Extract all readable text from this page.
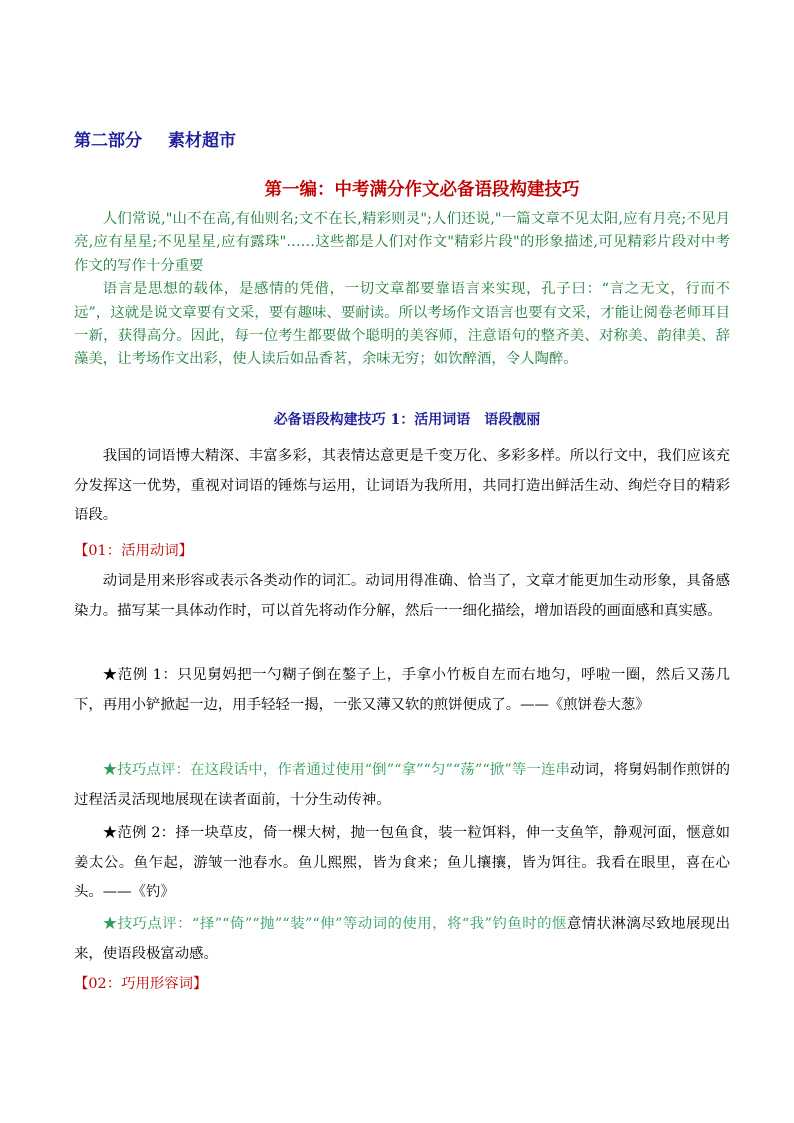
第二部分 素材超市
第一编：中考满分作文必备语段构建技巧

人们常说,"山不在高,有仙则名;文不在长,精彩则灵";人们还说,"一篇文章不见太阳,应有月亮;不见月亮,应有星星;不见星星,应有露珠"……这些都是人们对作文"精彩片段"的形象描述,可见精彩片段对中考作文的写作十分重要

语言是思想的载体，是感情的凭借，一切文章都要靠语言来实现，孔子曰：“言之无文，行而不远”，这就是说文章要有文采，要有趣味、要耐读。所以考场作文语言也要有文采，才能让阅卷老师耳目一新，获得高分。因此，每一位考生都要做个聪明的美容师，注意语句的整齐美、对称美、韵律美、辞藻美，让考场作文出彩，使人读后如品香茗，余味无穷；如饮醉酒，令人陶醉。

必备语段构建技巧 1：活用词语　语段靓丽
我国的词语博大精深、丰富多彩，其表情达意更是千变万化、多彩多样。所以行文中，我们应该充分发挥这一优势，重视对词语的锤炼与运用，让词语为我所用，共同打造出鲜活生动、绚烂夺目的精彩语段。
【01：活用动词】
动词是用来形容或表示各类动作的词汇。动词用得准确、恰当了，文章才能更加生动形象，具备感染力。描写某一具体动作时，可以首先将动作分解，然后一一细化描绘，增加语段的画面感和真实感。
★范例 1：只见舅妈把一勺糊子倒在鏊子上，手拿小竹板自左而右地匀，呼啦一圈，然后又荡几下，再用小铲掀起一边，用手轻轻一揭，一张又薄又软的煎饼便成了。——《煎饼卷大葱》
★技巧点评：在这段话中，作者通过使用“倒”“拿”“匀”“荡”“掀”等一连串动词，将舅妈制作煎饼的过程活灵活现地展现在读者面前，十分生动传神。
★范例 2：择一块草皮，倚一棵大树，抛一包鱼食，装一粒饵料，伸一支鱼竿，静观河面，惬意如姜太公。鱼乍起，游皱一池春水。鱼儿熙熙，皆为食来；鱼儿攘攘，皆为饵往。我看在眼里，喜在心头。——《钓》
★技巧点评：“择”“倚”“抛”“装”“伸”等动词的使用，将“我”钓鱼时的惬意情状淋漓尽致地展现出来，使语段极富动感。
【02：巧用形容词】
